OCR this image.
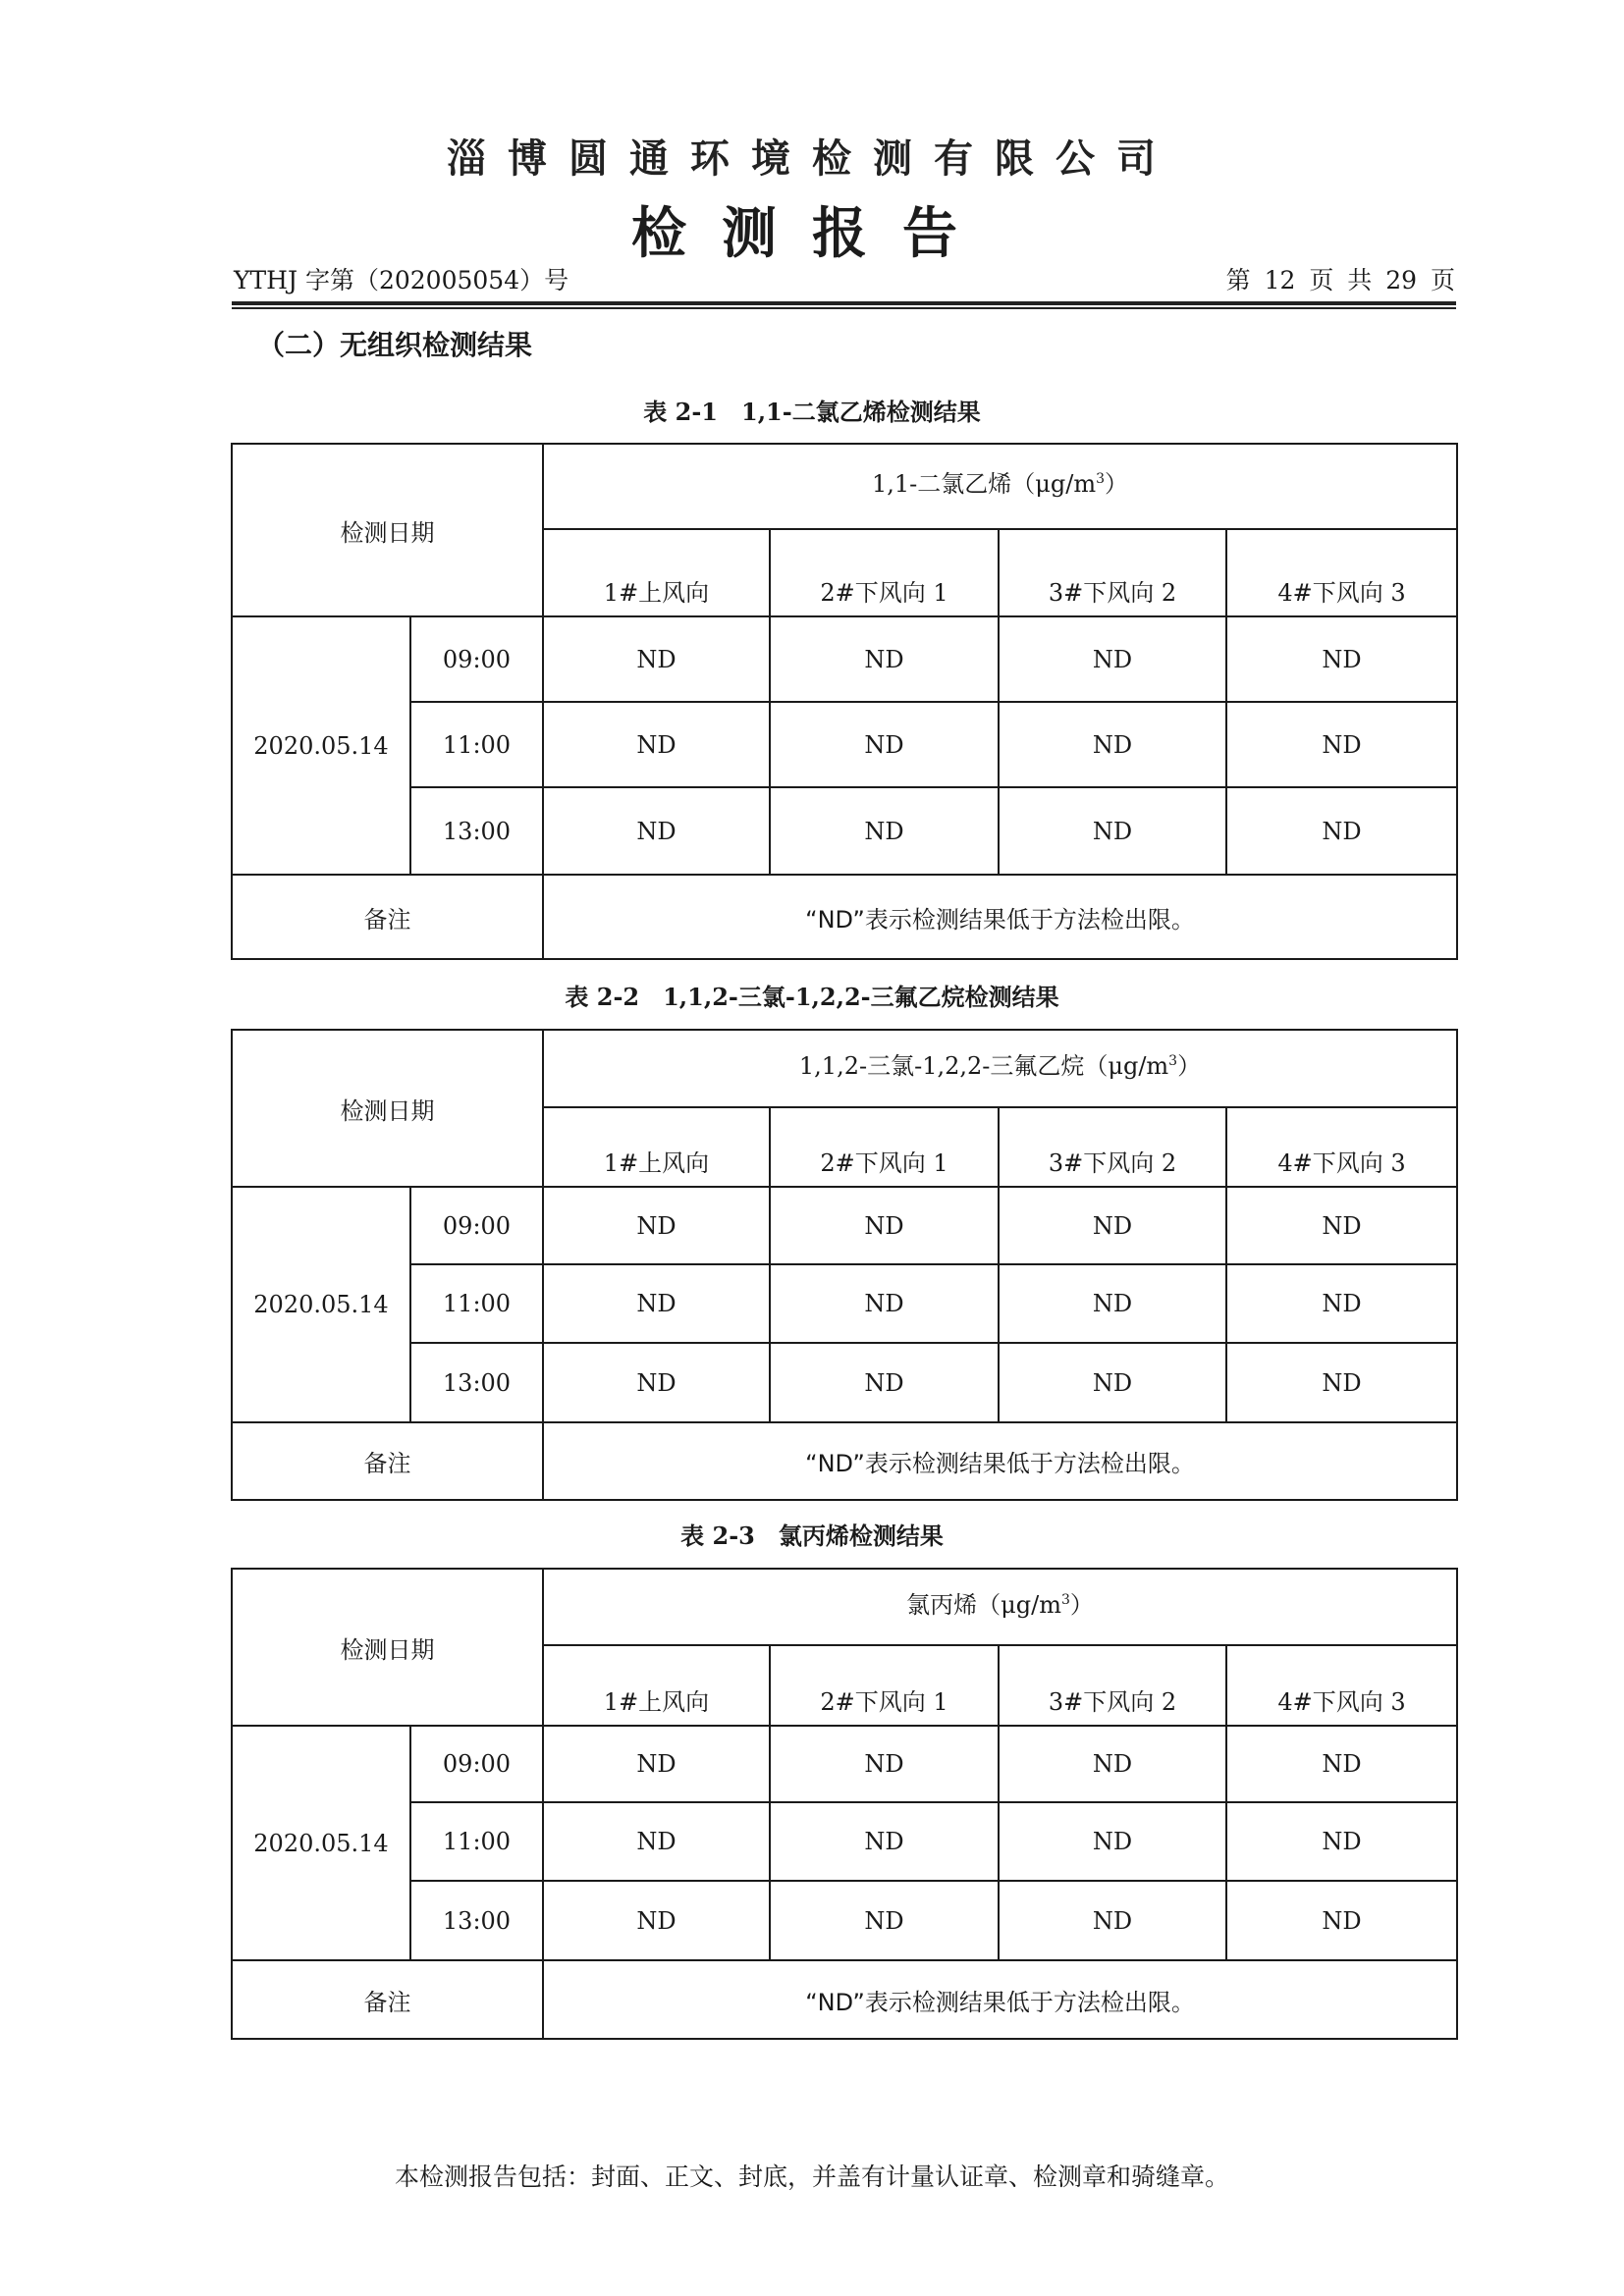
淄博圆通环境检测有限公司
检测报告
YTHJ 字第（202005054）号	第 12 页 共 29 页
（二）无组织检测结果
表 2-1　1,1-二氯乙烯检测结果
检测日期		1,1-二氯乙烯$(\mu g/m^3)$			
		1#上风向	2#下风向 1	3#下风向 2	4#下风向 3
2020.05.14	09:00	ND	ND	ND	ND
	11:00	ND	ND	ND	ND
	13:00	ND	ND	ND	ND
备注		“ND”表示检测结果低于方法检出限。			
表 2-2　1,1,2-三氯-1,2,2-三氟乙烷检测结果
检测日期		1,1,2-三氯-1,2,2-三氟乙烷$(\mu g/m^3)$			
		1#上风向	2#下风向 1	3#下风向 2	4#下风向 3
2020.05.14	09:00	ND	ND	ND	ND
	11:00	ND	ND	ND	ND
	13:00	ND	ND	ND	ND
备注		“ND”表示检测结果低于方法检出限。			
表 2-3　氯丙烯检测结果
检测日期		氯丙烯$(\mu g/m^3)$			
		1#上风向	2#下风向 1	3#下风向 2	4#下风向 3
2020.05.14	09:00	ND	ND	ND	ND
	11:00	ND	ND	ND	ND
	13:00	ND	ND	ND	ND
备注		“ND”表示检测结果低于方法检出限。			
本检测报告包括：封面、正文、封底，并盖有计量认证章、检测章和骑缝章。
